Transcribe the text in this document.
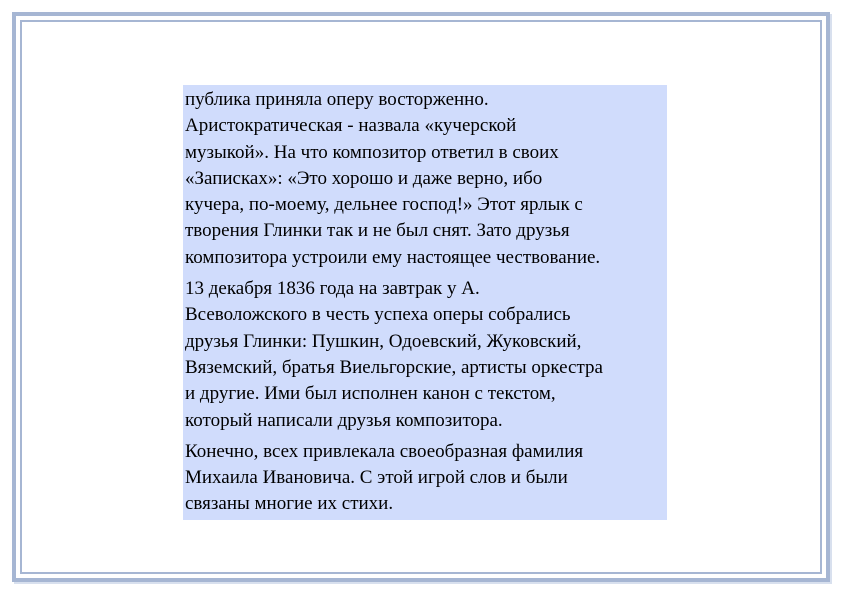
публика приняла оперу восторженно.
Аристократическая - назвала «кучерской
музыкой». На что композитор ответил в своих
«Записках»: «Это хорошо и даже верно, ибо
кучера, по-моему, дельнее господ!» Этот ярлык с
творения Глинки так и не был снят. Зато друзья
композитора устроили ему настоящее чествование.

13 декабря 1836 года на завтрак у А.
Всеволожского в честь успеха оперы собрались
друзья Глинки: Пушкин, Одоевский, Жуковский,
Вяземский, братья Виельгорские, артисты оркестра
и другие. Ими был исполнен канон с текстом,
который написали друзья композитора.

Конечно, всех привлекала своеобразная фамилия
Михаила Ивановича. С этой игрой слов и были
связаны многие их стихи.
